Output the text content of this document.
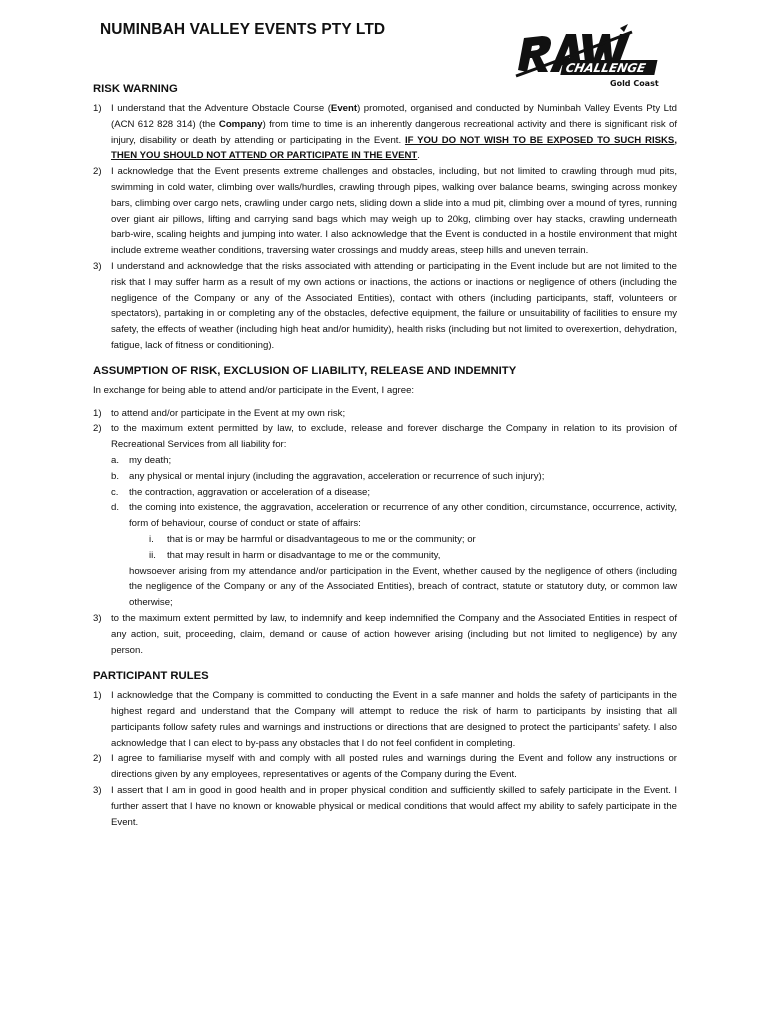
NUMINBAH VALLEY EVENTS PTY LTD
CHALLENGE
Gold Coast
RISK WARNING
1) I understand that the Adventure Obstacle Course (Event) promoted, organised and conducted by Numinbah Valley Events Pty Ltd (ACN 612 828 314) (the Company) from time to time is an inherently dangerous recreational activity and there is significant risk of injury, disability or death by attending or participating in the Event. IF YOU DO NOT WISH TO BE EXPOSED TO SUCH RISKS, THEN YOU SHOULD NOT ATTEND OR PARTICIPATE IN THE EVENT.
2) I acknowledge that the Event presents extreme challenges and obstacles, including, but not limited to crawling through mud pits, swimming in cold water, climbing over walls/hurdles, crawling through pipes, walking over balance beams, swinging across monkey bars, climbing over cargo nets, crawling under cargo nets, sliding down a slide into a mud pit, climbing over a mound of tyres, running over giant air pillows, lifting and carrying sand bags which may weigh up to 20kg, climbing over hay stacks, crawling underneath barb-wire, scaling heights and jumping into water. I also acknowledge that the Event is conducted in a hostile environment that might include extreme weather conditions, traversing water crossings and muddy areas, steep hills and uneven terrain.
3) I understand and acknowledge that the risks associated with attending or participating in the Event include but are not limited to the risk that I may suffer harm as a result of my own actions or inactions, the actions or inactions or negligence of others (including the negligence of the Company or any of the Associated Entities), contact with others (including participants, staff, volunteers or spectators), partaking in or completing any of the obstacles, defective equipment, the failure or unsuitability of facilities to ensure my safety, the effects of weather (including high heat and/or humidity), health risks (including but not limited to overexertion, dehydration, fatigue, lack of fitness or conditioning).
ASSUMPTION OF RISK, EXCLUSION OF LIABILITY, RELEASE AND INDEMNITY

In exchange for being able to attend and/or participate in the Event, I agree:

1) to attend and/or participate in the Event at my own risk;
2) to the maximum extent permitted by law, to exclude, release and forever discharge the Company in relation to its provision of Recreational Services from all liability for:
a. my death;
b. any physical or mental injury (including the aggravation, acceleration or recurrence of such injury);
c. the contraction, aggravation or acceleration of a disease;
d. the coming into existence, the aggravation, acceleration or recurrence of any other condition, circumstance, occurrence, activity, form of behaviour, course of conduct or state of affairs:
i. that is or may be harmful or disadvantageous to me or the community; or
ii. that may result in harm or disadvantage to me or the community,
howsoever arising from my attendance and/or participation in the Event, whether caused by the negligence of others (including the negligence of the Company or any of the Associated Entities), breach of contract, statute or statutory duty, or common law otherwise;
3) to the maximum extent permitted by law, to indemnify and keep indemnified the Company and the Associated Entities in respect of any action, suit, proceeding, claim, demand or cause of action however arising (including but not limited to negligence) by any person.
PARTICIPANT RULES
1) I acknowledge that the Company is committed to conducting the Event in a safe manner and holds the safety of participants in the highest regard and understand that the Company will attempt to reduce the risk of harm to participants by insisting that all participants follow safety rules and warnings and instructions or directions that are designed to protect the participants’ safety. I also acknowledge that I can elect to by-pass any obstacles that I do not feel confident in completing.
2) I agree to familiarise myself with and comply with all posted rules and warnings during the Event and follow any instructions or directions given by any employees, representatives or agents of the Company during the Event.
3) I assert that I am in good in good health and in proper physical condition and sufficiently skilled to safely participate in the Event. I further assert that I have no known or knowable physical or medical conditions that would affect my ability to safely participate in the Event.
